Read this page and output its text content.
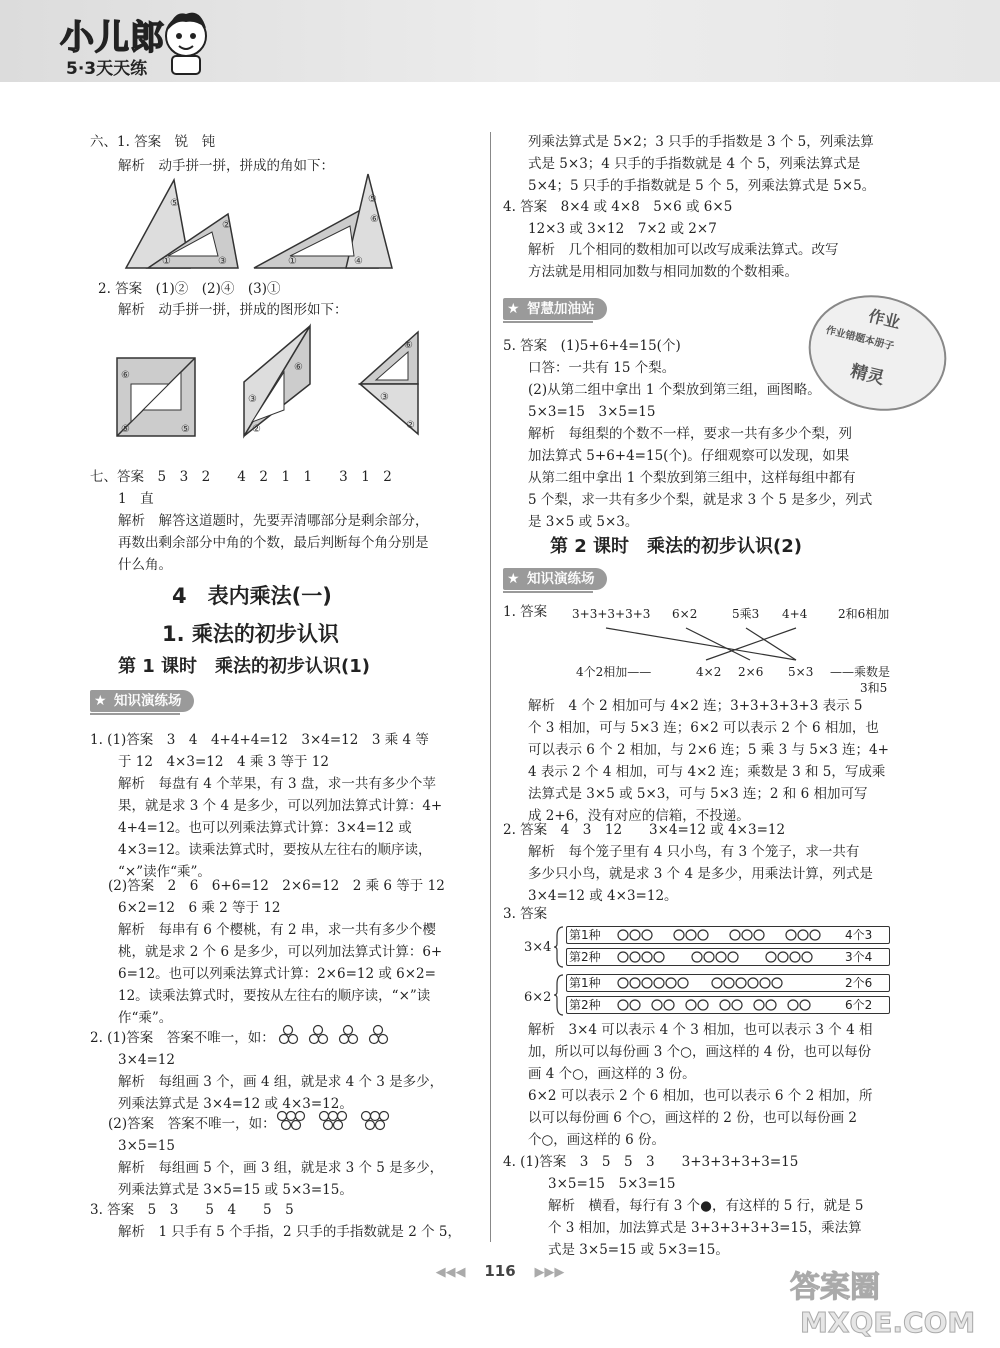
小儿郎
5·3天天练
六、1. 答案　锐　钝
解析　动手拼一拼，拼成的角如下：
⑤
①	③
②
⑤
⑥
①	④
2. 答案　(1)②　(2)④　(3)①
解析　动手拼一拼，拼成的图形如下：
⑥
⑤	⑤
③
⑥
②
⑥
②
③
七、答案　5　3　2　　4　2　1　1　　3　1　2
1　直
解析　解答这道题时，先要弄清哪部分是剩余部分，
再数出剩余部分中角的个数，最后判断每个角分别是
什么角。
4　表内乘法(一)
1. 乘法的初步认识
第 1 课时　乘法的初步认识(1)
★ 知识演练场
1. (1)答案　3　4　4+4+4=12　3×4=12　3 乘 4 等
于 12　4×3=12　4 乘 3 等于 12
解析　每盘有 4 个苹果，有 3 盘，求一共有多少个苹
果，就是求 3 个 4 是多少，可以列加法算式计算：4+
4+4=12。也可以列乘法算式计算：3×4=12 或
4×3=12。读乘法算式时，要按从左往右的顺序读，
“×”读作“乘”。
(2)答案　2　6　6+6=12　2×6=12　2 乘 6 等于 12
6×2=12　6 乘 2 等于 12
解析　每串有 6 个樱桃，有 2 串，求一共有多少个樱
桃，就是求 2 个 6 是多少，可以列加法算式计算：6+
6=12。也可以列乘法算式计算：2×6=12 或 6×2=
12。读乘法算式时，要按从左往右的顺序读，“×”读
作“乘”。
2. (1)答案　答案不唯一，如：
3×4=12
解析　每组画 3 个，画 4 组，就是求 4 个 3 是多少，
列乘法算式是 3×4=12 或 4×3=12。
(2)答案　答案不唯一，如：
3×5=15
解析　每组画 5 个，画 3 组，就是求 3 个 5 是多少，
列乘法算式是 3×5=15 或 5×3=15。
3. 答案　5　3　　5　4　　5　5
解析　1 只手有 5 个手指，2 只手的手指数就是 2 个 5，
列乘法算式是 5×2；3 只手的手指数是 3 个 5，列乘法算
式是 5×3；4 只手的手指数就是 4 个 5，列乘法算式是
5×4；5 只手的手指数就是 5 个 5，列乘法算式是 5×5。
4. 答案　8×4 或 4×8　5×6 或 6×5
12×3 或 3×12　7×2 或 2×7
解析　几个相同的数相加可以改写成乘法算式。改写
方法就是用相同加数与相同加数的个数相乘。
★ 智慧加油站	作业
作业错题本册子
精灵
5. 答案　(1)5+6+4=15(个)
口答：一共有 15 个梨。
(2)从第二组中拿出 1 个梨放到第三组，画图略。
5×3=15　3×5=15
解析　每组梨的个数不一样，要求一共有多少个梨，列
加法算式 5+6+4=15(个)。仔细观察可以发现，如果
从第二组中拿出 1 个梨放到第三组中，这样每组中都有
5 个梨，求一共有多少个梨，就是求 3 个 5 是多少，列式
是 3×5 或 5×3。
第 2 课时　乘法的初步认识(2)
★ 知识演练场
1. 答案 3+3+3+3+3 6×2	5乘3 4+4	2和6相加
4个2相加——	4×2 2×6 5×3 ——乘数是
3和5
解析　4 个 2 相加可与 4×2 连；3+3+3+3+3 表示 5
个 3 相加，可与 5×3 连；6×2 可以表示 2 个 6 相加，也
可以表示 6 个 2 相加，与 2×6 连；5 乘 3 与 5×3 连；4+
4 表示 2 个 4 相加，可与 4×2 连；乘数是 3 和 5，写成乘
法算式是 3×5 或 5×3，可与 5×3 连；2 和 6 相加可写
成 2+6，没有对应的信箱，不投递。
2. 答案　4　3　12　　3×4=12 或 4×3=12
解析　每个笼子里有 4 只小鸟，有 3 个笼子，求一共有
多少只小鸟，就是求 3 个 4 是多少，用乘法计算，列式是
3×4=12 或 4×3=12。
3. 答案
3×4
第1种	4个3
第2种	3个4
6×2
第1种	2个6
第2种	6个2
解析　3×4 可以表示 4 个 3 相加，也可以表示 3 个 4 相
加，所以可以每份画 3 个○，画这样的 4 份，也可以每份
画 4 个○，画这样的 3 份。
6×2 可以表示 2 个 6 相加，也可以表示 6 个 2 相加，所
以可以每份画 6 个○，画这样的 2 份，也可以每份画 2
个○，画这样的 6 份。
4. (1)答案　3　5　5　3　　3+3+3+3+3=15
3×5=15　5×3=15
解析　横看，每行有 3 个●，有这样的 5 行，就是 5
个 3 相加，加法算式是 3+3+3+3+3=15，乘法算
式是 3×5=15 或 5×3=15。
◀◀◀ 116 ▶▶▶	答案圈
MXQE.COM
